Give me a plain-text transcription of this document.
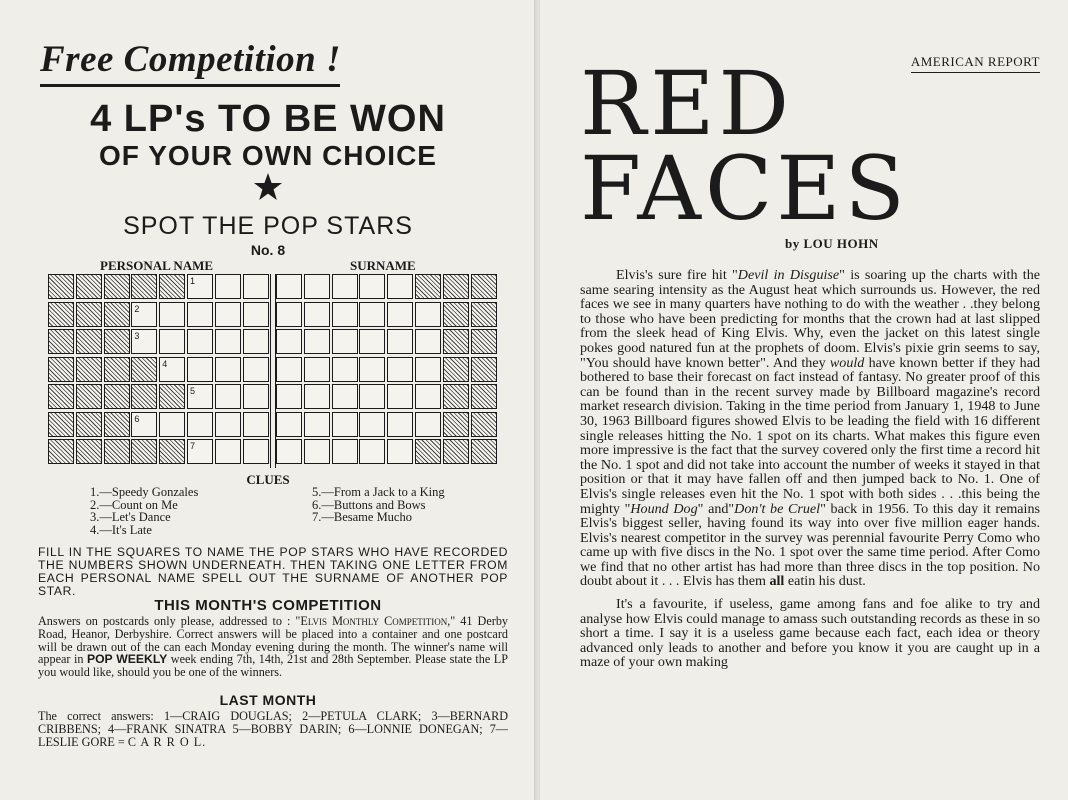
Free Competition !
4 LP's TO BE WON
OF YOUR OWN CHOICE
SPOT THE POP STARS
No. 8
PERSONAL NAME	SURNAME
1
2
3
4
5
6
7
CLUES
1.—Speedy Gonzales
2.—Count on Me
3.—Let's Dance
4.—It's Late
5.—From a Jack to a King
6.—Buttons and Bows
7.—Besame Mucho
FILL IN THE SQUARES TO NAME THE POP STARS WHO HAVE RECORDED THE NUMBERS SHOWN UNDERNEATH. THEN TAKING ONE LETTER FROM EACH PERSONAL NAME SPELL OUT THE SURNAME OF ANOTHER POP STAR.
THIS MONTH'S COMPETITION
Answers on postcards only please, addressed to : "Elvis Monthly Competition," 41 Derby Road, Heanor, Derbyshire. Correct answers will be placed into a container and one postcard will be drawn out of the can each Monday evening during the month. The winner's name will appear in POP WEEKLY week ending 7th, 14th, 21st and 28th September. Please state the LP you would like, should you be one of the winners.
LAST MONTH
The correct answers: 1—CRAIG DOUGLAS; 2—PETULA CLARK; 3—BERNARD CRIBBENS; 4—FRANK SINATRA 5—BOBBY DARIN; 6—LONNIE DONEGAN; 7—LESLIE GORE = C A R R O L.
AMERICAN REPORT
RED
FACES
by LOU HOHN

Elvis's sure fire hit "Devil in Disguise" is soaring up the charts with the same searing intensity as the August heat which surrounds us. However, the red faces we see in many quarters have nothing to do with the weather . .they belong to those who have been predicting for months that the crown had at last slipped from the sleek head of King Elvis. Why, even the jacket on this latest single pokes good natured fun at the prophets of doom. Elvis's pixie grin seems to say, "You should have known better". And they would have known better if they had bothered to base their forecast on fact instead of fantasy. No greater proof of this can be found than in the recent survey made by Billboard magazine's record market research division. Taking in the time period from January 1, 1948 to June 30, 1963 Billboard figures showed Elvis to be leading the field with 16 different single releases hitting the No. 1 spot on its charts. What makes this figure even more impressive is the fact that the survey covered only the first time a record hit the No. 1 spot and did not take into account the number of weeks it stayed in that position or that it may have fallen off and then jumped back to No. 1. One of Elvis's single releases even hit the No. 1 spot with both sides . . .this being the mighty "Hound Dog" and"Don't be Cruel" back in 1956. To this day it remains Elvis's biggest seller, having found its way into over five million eager hands. Elvis's nearest competitor in the survey was perennial favourite Perry Como who came up with five discs in the No. 1 spot over the same time period. After Como we find that no other artist has had more than three discs in the top position. No doubt about it . . . Elvis has them all eatin his dust.

It's a favourite, if useless, game among fans and foe alike to try and analyse how Elvis could manage to amass such outstanding records as these in so short a time. I say it is a useless game because each fact, each idea or theory advanced only leads to another and before you know it you are caught up in a maze of your own making
